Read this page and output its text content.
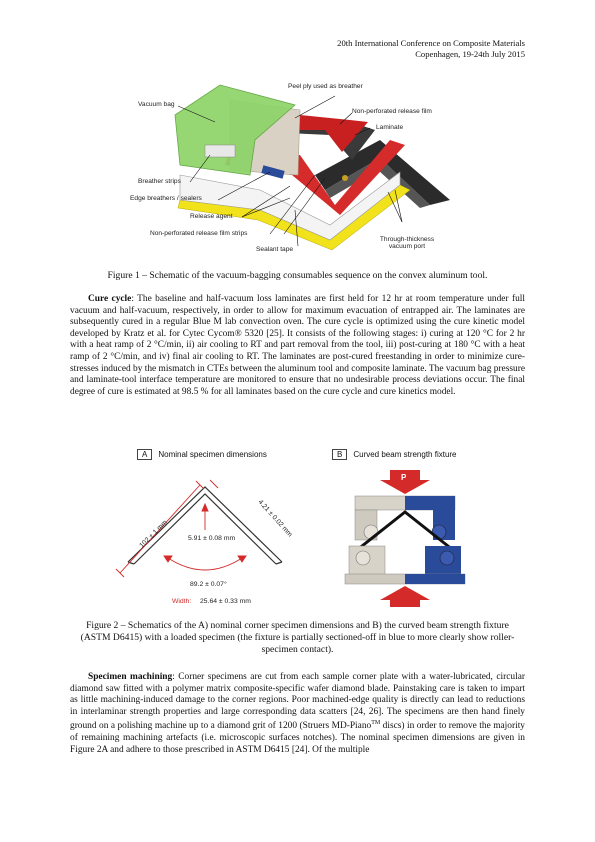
20th International Conference on Composite Materials
Copenhagen, 19-24th July 2015
Peel ply used as breather
Vacuum bag
Non-perforated release film
Laminate
Breather strips
Edge breathers / sealers
Release agent
Non-perforated release film strips
Sealant tape
Through-thickness
vacuum port
Figure 1 – Schematic of the vacuum-bagging consumables sequence on the convex aluminum tool.

Cure cycle: The baseline and half-vacuum loss laminates are first held for 12 hr at room temperature under full vacuum and half-vacuum, respectively, in order to allow for maximum evacuation of entrapped air. The laminates are subsequently cured in a regular Blue M lab convection oven. The cure cycle is optimized using the cure kinetic model developed by Kratz et al. for Cytec Cycom® 5320 [25]. It consists of the following stages: i) curing at 120 °C for 2 hr with a heat ramp of 2 °C/min, ii) air cooling to RT and part removal from the tool, iii) post-curing at 180 °C with a heat ramp of 2 °C/min, and iv) final air cooling to RT. The laminates are post-cured freestanding in order to minimize cure-stresses induced by the mismatch in CTEs between the aluminum tool and composite laminate. The vacuum bag pressure and laminate-tool interface temperature are monitored to ensure that no undesirable process deviations occur. The final degree of cure is estimated at 98.5 % for all laminates based on the cure cycle and cure kinetics model.

A Nominal specimen dimensions	B Curved beam strength fixture
102 ± 1 mm	4.21 ± 0.02 mm
5.91 ± 0.08 mm
89.2 ± 0.07°
Width: 25.64 ± 0.33 mm
P
Figure 2 – Schematics of the A) nominal corner specimen dimensions and B) the curved beam strength fixture (ASTM D6415) with a loaded specimen (the fixture is partially sectioned-off in blue to more clearly show roller-specimen contact).

Specimen machining: Corner specimens are cut from each sample corner plate with a water-lubricated, circular diamond saw fitted with a polymer matrix composite-specific wafer diamond blade. Painstaking care is taken to impart as little machining-induced damage to the corner regions. Poor machined-edge quality is directly can lead to reductions in interlaminar strength properties and large corresponding data scatters [24, 26]. The specimens are then hand finely ground on a polishing machine up to a diamond grit of 1200 (Struers MD-Piano™ discs) in order to remove the majority of remaining machining artefacts (i.e. microscopic surfaces notches). The nominal specimen dimensions are given in Figure 2A and adhere to those prescribed in ASTM D6415 [24]. Of the multiple
